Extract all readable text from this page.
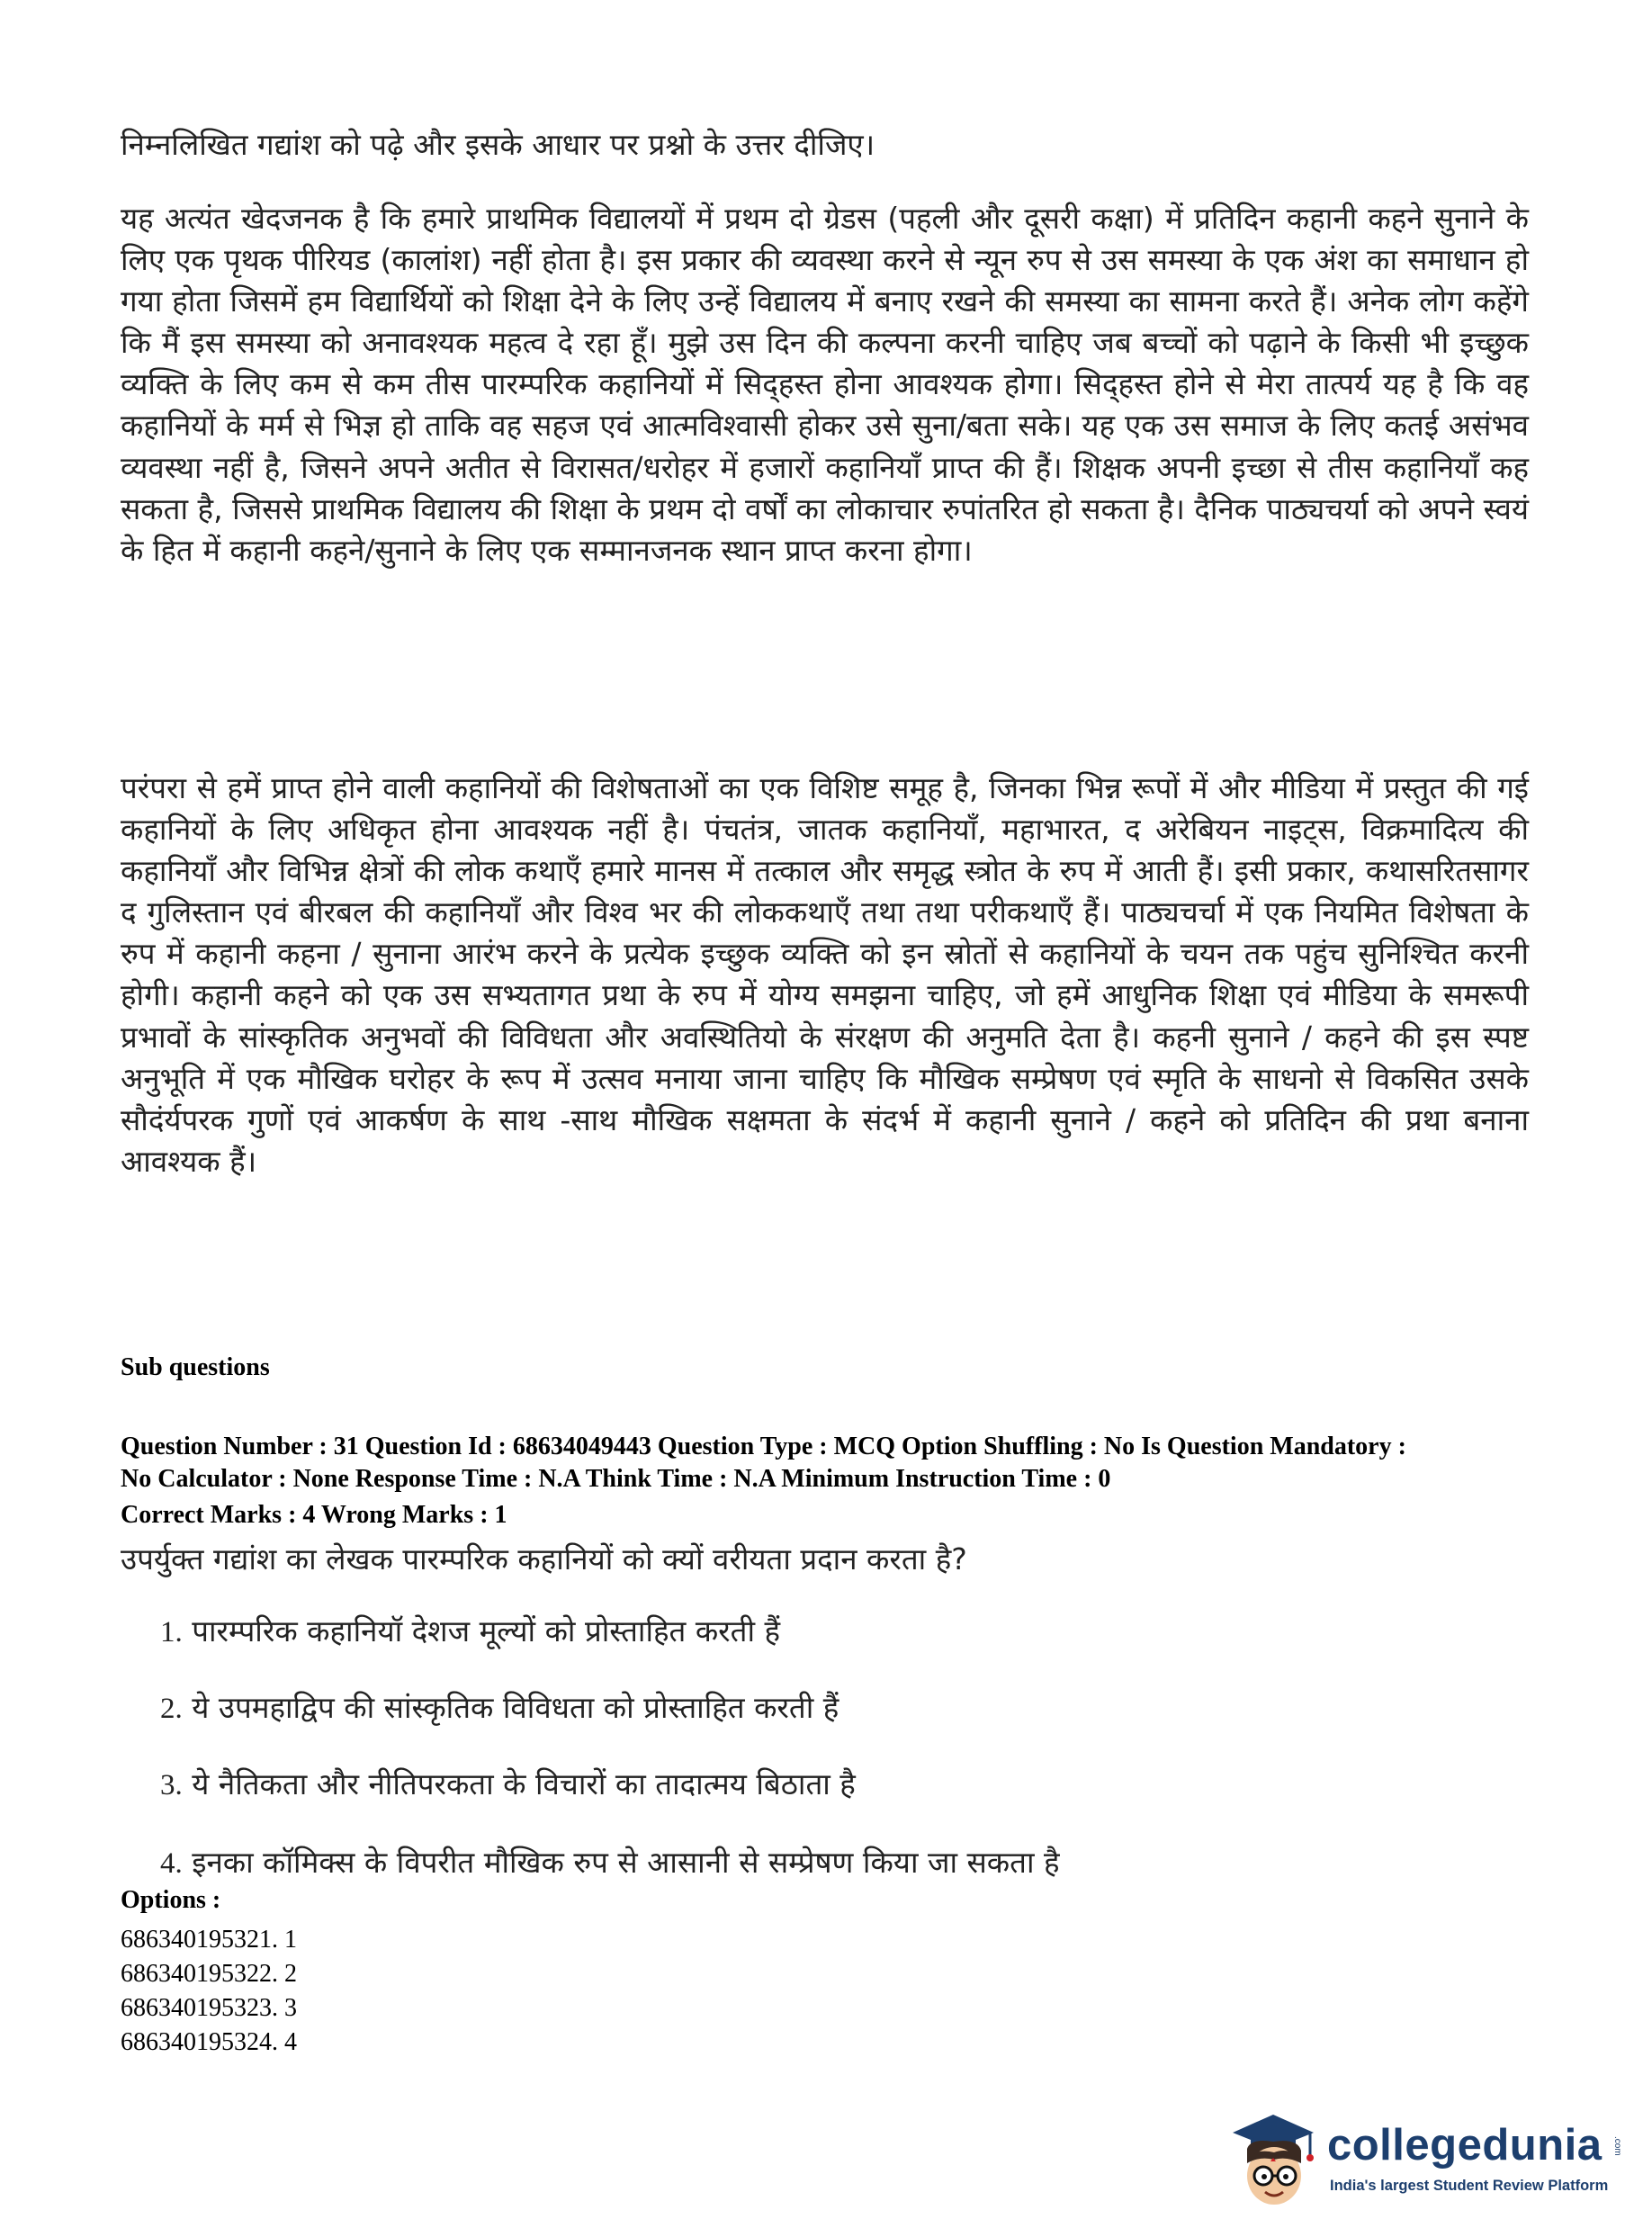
निम्नलिखित गद्यांश को पढ़े और इसके आधार पर प्रश्नो के उत्तर दीजिए।

यह अत्यंत खेदजनक है कि हमारे प्राथमिक विद्यालयों में प्रथम दो ग्रेडस (पहली और दूसरी कक्षा) में प्रतिदिन कहानी कहने सुनाने के लिए एक पृथक पीरियड (कालांश) नहीं होता है। इस प्रकार की व्यवस्था करने से न्यून रुप से उस समस्या के एक अंश का समाधान हो गया होता जिसमें हम विद्यार्थियों को शिक्षा देने के लिए उन्हें विद्यालय में बनाए रखने की समस्या का सामना करते हैं। अनेक लोग कहेंगे कि मैं इस समस्या को अनावश्यक महत्व दे रहा हूँ। मुझे उस दिन की कल्पना करनी चाहिए जब बच्चों को पढ़ाने के किसी भी इच्छुक व्यक्ति के लिए कम से कम तीस पारम्परिक कहानियों में सिद्हस्त होना आवश्यक होगा। सिद्हस्त होने से मेरा तात्पर्य यह है कि वह कहानियों के मर्म से भिज्ञ हो ताकि वह सहज एवं आत्मविश्वासी होकर उसे सुना/बता सके। यह एक उस समाज के लिए कतई असंभव व्यवस्था नहीं है, जिसने अपने अतीत से विरासत/धरोहर में हजारों कहानियाँ प्राप्त की हैं। शिक्षक अपनी इच्छा से तीस कहानियाँ कह सकता है, जिससे प्राथमिक विद्यालय की शिक्षा के प्रथम दो वर्षों का लोकाचार रुपांतरित हो सकता है। दैनिक पाठ्यचर्या को अपने स्वयं के हित में कहानी कहने/सुनाने के लिए एक सम्मानजनक स्थान प्राप्त करना होगा।

परंपरा से हमें प्राप्त होने वाली कहानियों की विशेषताओं का एक विशिष्ट समूह है, जिनका भिन्न रूपों में और मीडिया में प्रस्तुत की गई कहानियों के लिए अधिकृत होना आवश्यक नहीं है। पंचतंत्र, जातक कहानियाँ, महाभारत, द अरेबियन नाइट्स, विक्रमादित्य की कहानियाँ और विभिन्न क्षेत्रों की लोक कथाएँ हमारे मानस में तत्काल और समृद्ध स्त्रोत के रुप में आती हैं। इसी प्रकार, कथासरितसागर द गुलिस्तान एवं बीरबल की कहानियाँ और विश्व भर की लोककथाएँ तथा तथा परीकथाएँ हैं। पाठ्यचर्चा में एक नियमित विशेषता के रुप में कहानी कहना / सुनाना आरंभ करने के प्रत्येक इच्छुक व्यक्ति को इन स्रोतों से कहानियों के चयन तक पहुंच सुनिश्चित करनी होगी। कहानी कहने को एक उस सभ्यतागत प्रथा के रुप में योग्य समझना चाहिए, जो हमें आधुनिक शिक्षा एवं मीडिया के समरूपी प्रभावों के सांस्कृतिक अनुभवों की विविधता और अवस्थितियो के संरक्षण की अनुमति देता है। कहनी सुनाने / कहने की इस स्पष्ट अनुभूति में एक मौखिक घरोहर के रूप में उत्सव मनाया जाना चाहिए कि मौखिक सम्प्रेषण एवं स्मृति के साधनो से विकसित उसके सौदंर्यपरक गुणों एवं आकर्षण के साथ -साथ मौखिक सक्षमता के संदर्भ में कहानी सुनाने / कहने को प्रतिदिन की प्रथा बनाना आवश्यक हैं।

Sub questions

Question Number : 31 Question Id : 68634049443 Question Type : MCQ Option Shuffling : No Is Question Mandatory :
No Calculator : None Response Time : N.A Think Time : N.A Minimum Instruction Time : 0

Correct Marks : 4 Wrong Marks : 1

उपर्युक्त गद्यांश का लेखक पारम्परिक कहानियों को क्यों वरीयता प्रदान करता है?

1. पारम्परिक कहानियॉ देशज मूल्यों को प्रोस्ताहित करती हैं

2. ये उपमहाद्विप की सांस्कृतिक विविधता को प्रोस्ताहित करती हैं

3. ये नैतिकता और नीतिपरकता के विचारों का तादात्मय बिठाता है

4. इनका कॉमिक्स के विपरीत मौखिक रुप से आसानी से सम्प्रेषण किया जा सकता है

Options :

686340195321. 1

686340195322. 2

686340195323. 3

686340195324. 4

collegedunia .com
India's largest Student Review Platform
